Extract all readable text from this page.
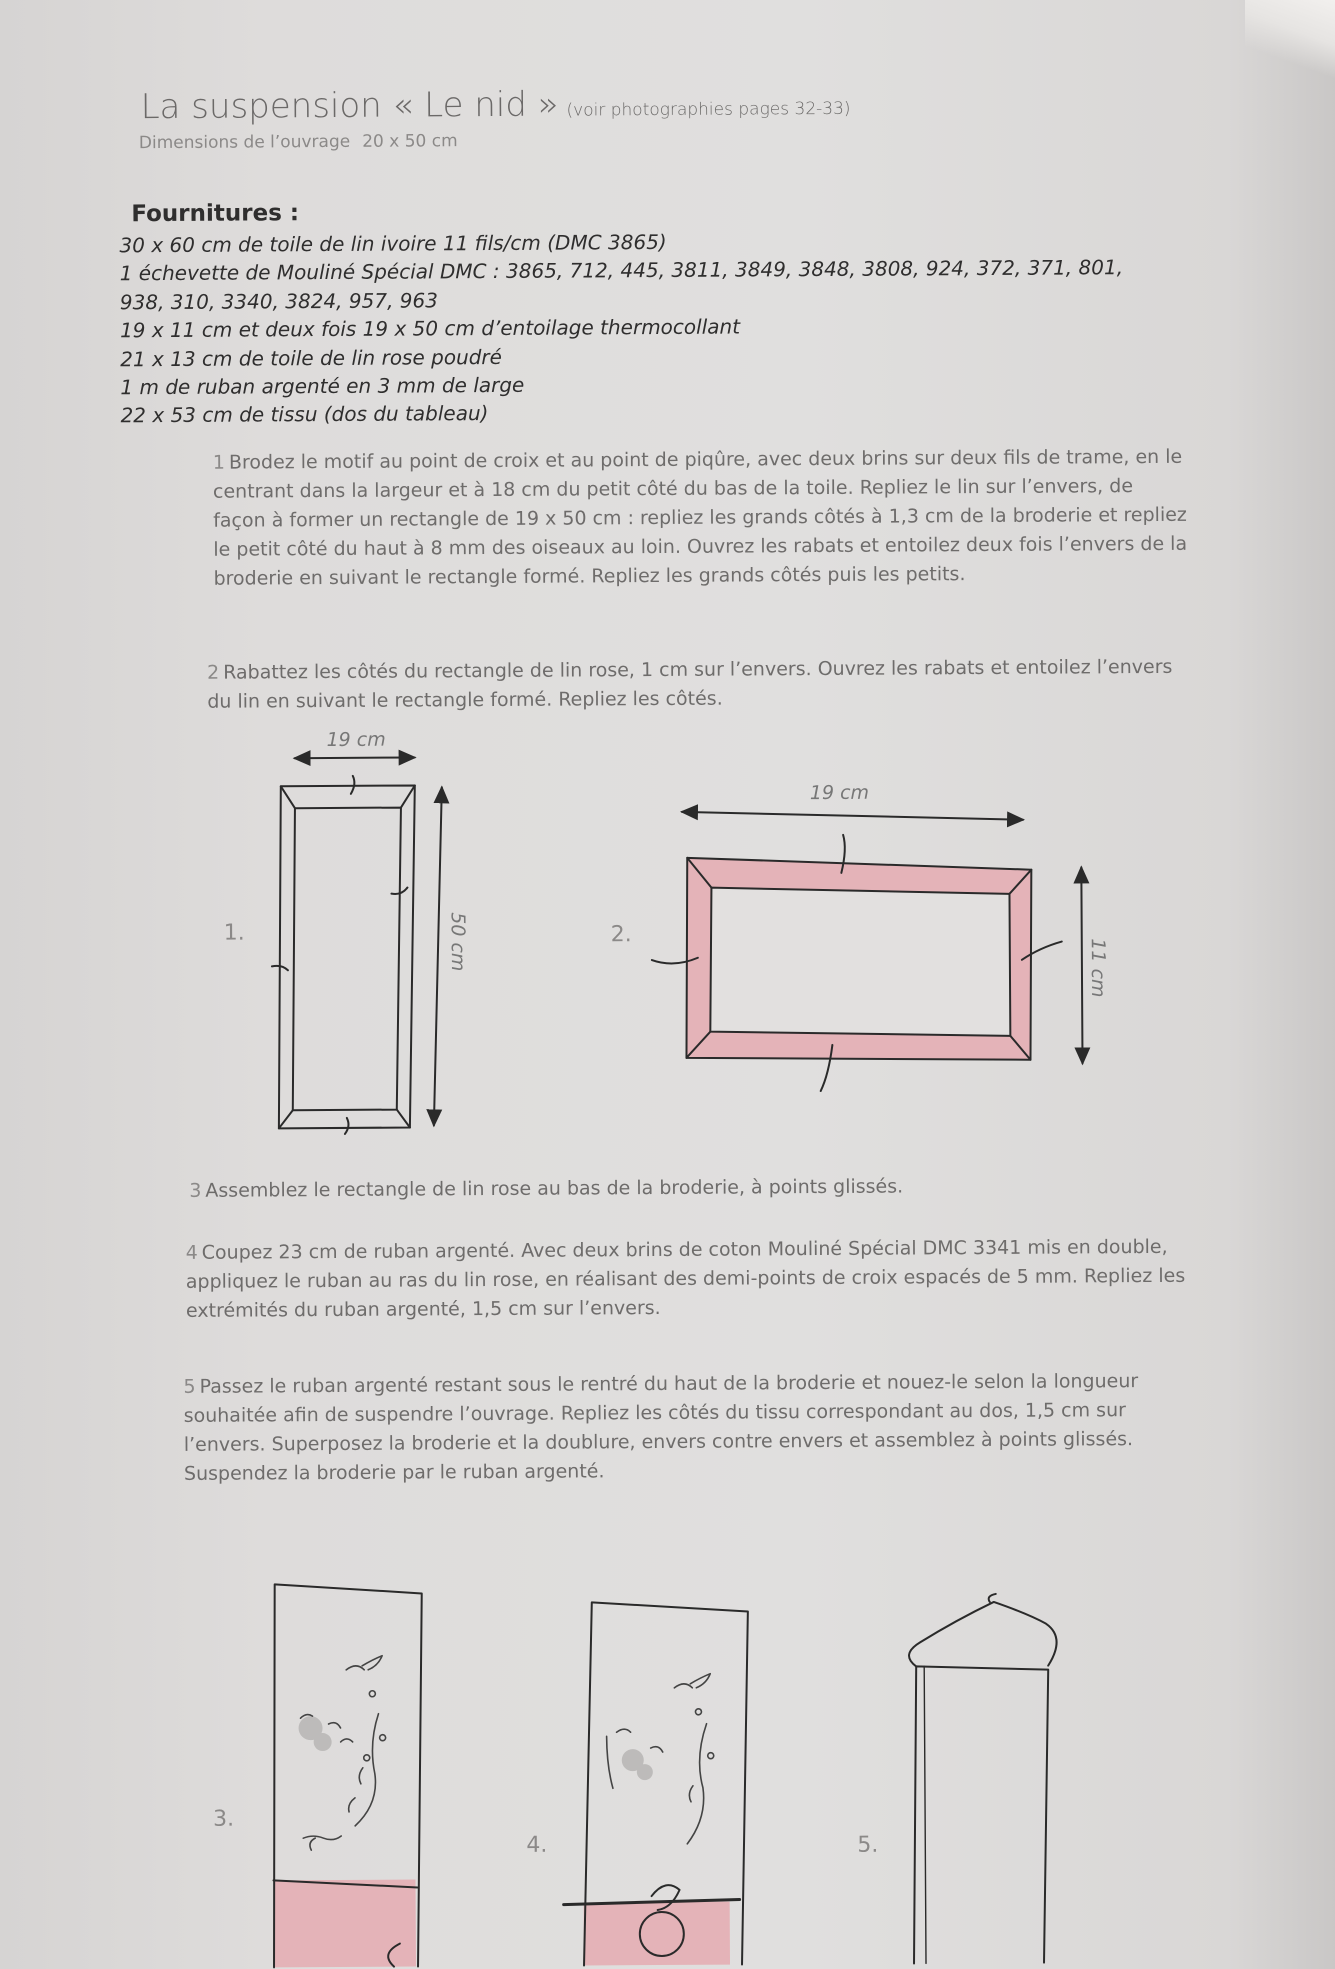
La suspension « Le nid » (voir photographies pages 32-33)
Dimensions de l’ouvrage 20 x 50 cm
Fournitures :
30 x 60 cm de toile de lin ivoire 11 fils/cm (DMC 3865)
1 échevette de Mouliné Spécial DMC : 3865, 712, 445, 3811, 3849, 3848, 3808, 924, 372, 371, 801,
938, 310, 3340, 3824, 957, 963
19 x 11 cm et deux fois 19 x 50 cm d’entoilage thermocollant
21 x 13 cm de toile de lin rose poudré
1 m de ruban argenté en 3 mm de large
22 x 53 cm de tissu (dos du tableau)
1 Brodez le motif au point de croix et au point de piqûre, avec deux brins sur deux fils de trame, en le centrant dans la largeur et à 18 cm du petit côté du bas de la toile. Repliez le lin sur l’envers, de façon à former un rectangle de 19 x 50 cm : repliez les grands côtés à 1,3 cm de la broderie et repliez le petit côté du haut à 8 mm des oiseaux au loin. Ouvrez les rabats et entoilez deux fois l’envers de la broderie en suivant le rectangle formé. Repliez les grands côtés puis les petits.
2 Rabattez les côtés du rectangle de lin rose, 1 cm sur l’envers. Ouvrez les rabats et entoilez l’envers du lin en suivant le rectangle formé. Repliez les côtés.
3 Assemblez le rectangle de lin rose au bas de la broderie, à points glissés.
4 Coupez 23 cm de ruban argenté. Avec deux brins de coton Mouliné Spécial DMC 3341 mis en double, appliquez le ruban au ras du lin rose, en réalisant des demi-points de croix espacés de 5 mm. Repliez les extrémités du ruban argenté, 1,5 cm sur l’envers.
5 Passez le ruban argenté restant sous le rentré du haut de la broderie et nouez-le selon la longueur souhaitée afin de suspendre l’ouvrage. Repliez les côtés du tissu correspondant au dos, 1,5 cm sur l’envers. Superposez la broderie et la doublure, envers contre envers et assemblez à points glissés. Suspendez la broderie par le ruban argenté.
1.	2.
3.
4.	5.
19 cm
50 cm
19 cm
11 cm
